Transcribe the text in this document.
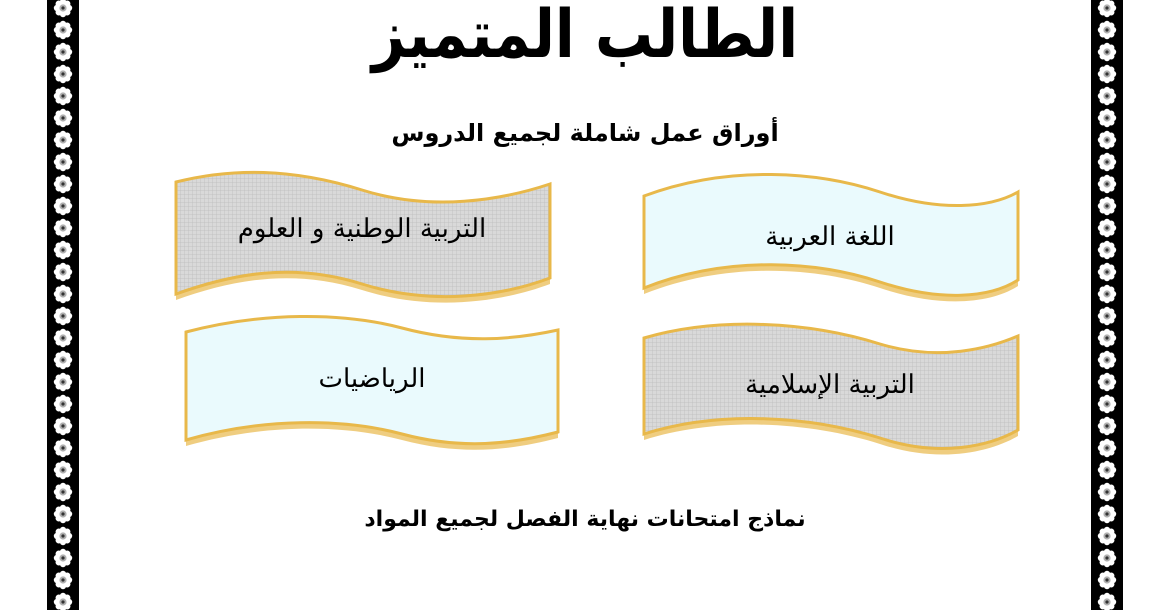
الطالب المتميز
أوراق عمل شاملة لجميع الدروس
اللغة العربية
التربية الوطنية و العلوم
التربية الإسلامية
الرياضيات
نماذج امتحانات نهاية الفصل لجميع المواد
